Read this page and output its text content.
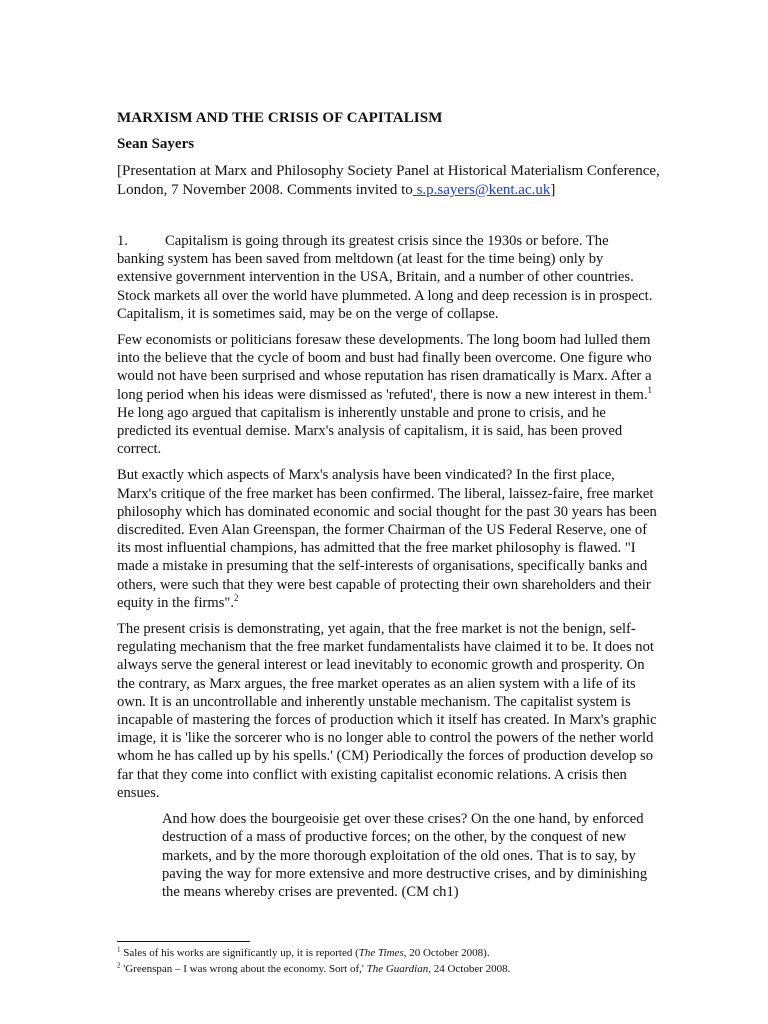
MARXISM AND THE CRISIS OF CAPITALISM
Sean Sayers
[Presentation at Marx and Philosophy Society Panel at Historical Materialism Conference, London, 7 November 2008. Comments invited to s.p.sayers@kent.ac.uk]

1.	Capitalism is going through its greatest crisis since the 1930s or before. The banking system has been saved from meltdown (at least for the time being) only by extensive government intervention in the USA, Britain, and a number of other countries. Stock markets all over the world have plummeted. A long and deep recession is in prospect. Capitalism, it is sometimes said, may be on the verge of collapse.

Few economists or politicians foresaw these developments. The long boom had lulled them into the believe that the cycle of boom and bust had finally been overcome. One figure who would not have been surprised and whose reputation has risen dramatically is Marx. After a long period when his ideas were dismissed as 'refuted', there is now a new interest in them.$^1$ He long ago argued that capitalism is inherently unstable and prone to crisis, and he predicted its eventual demise. Marx's analysis of capitalism, it is said, has been proved correct.

But exactly which aspects of Marx's analysis have been vindicated? In the first place, Marx's critique of the free market has been confirmed. The liberal, laissez-faire, free market philosophy which has dominated economic and social thought for the past 30 years has been discredited. Even Alan Greenspan, the former Chairman of the US Federal Reserve, one of its most influential champions, has admitted that the free market philosophy is flawed. "I made a mistake in presuming that the self-interests of organisations, specifically banks and others, were such that they were best capable of protecting their own shareholders and their equity in the firms".$^2$

The present crisis is demonstrating, yet again, that the free market is not the benign, self-regulating mechanism that the free market fundamentalists have claimed it to be. It does not always serve the general interest or lead inevitably to economic growth and prosperity. On the contrary, as Marx argues, the free market operates as an alien system with a life of its own. It is an uncontrollable and inherently unstable mechanism. The capitalist system is incapable of mastering the forces of production which it itself has created. In Marx's graphic image, it is 'like the sorcerer who is no longer able to control the powers of the nether world whom he has called up by his spells.' (CM) Periodically the forces of production develop so far that they come into conflict with existing capitalist economic relations. A crisis then ensues.

And how does the bourgeoisie get over these crises? On the one hand, by enforced destruction of a mass of productive forces; on the other, by the conquest of new markets, and by the more thorough exploitation of the old ones. That is to say, by paving the way for more extensive and more destructive crises, and by diminishing the means whereby crises are prevented. (CM ch1)
$^1$ Sales of his works are significantly up, it is reported (The Times, 20 October 2008).
$^2$ 'Greenspan – I was wrong about the economy. Sort of,' The Guardian, 24 October 2008.
